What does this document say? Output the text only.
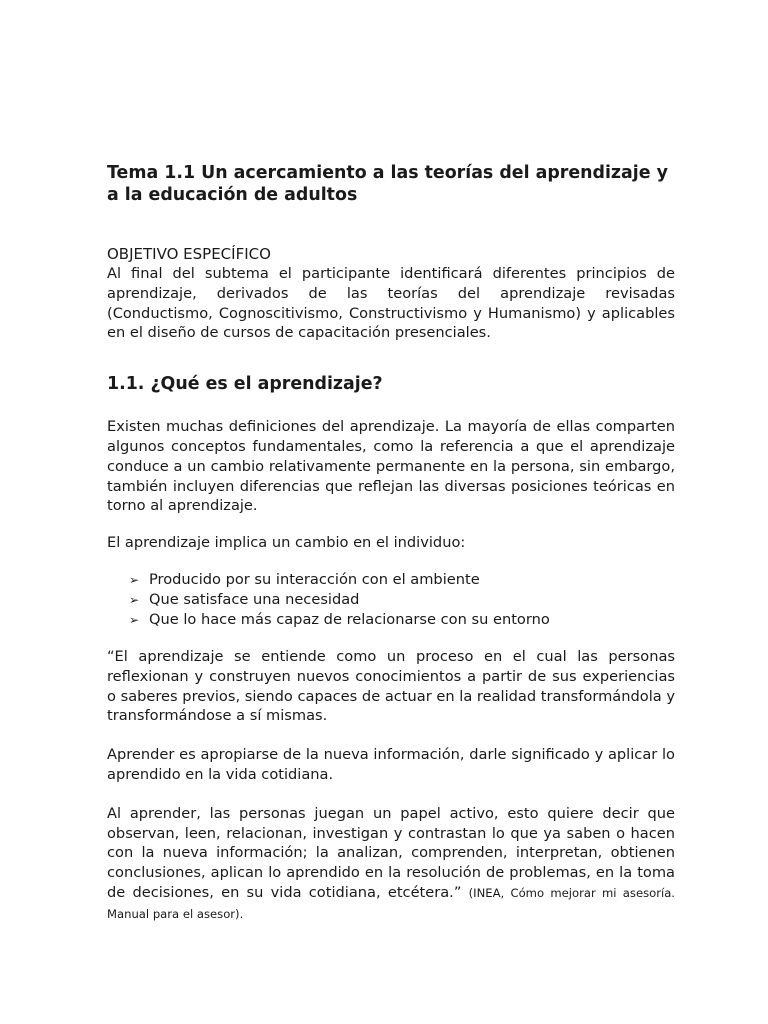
Tema 1.1 Un acercamiento a las teorías del aprendizaje y a la educación de adultos
OBJETIVO ESPECÍFICO

Al final del subtema el participante identificará diferentes principios de aprendizaje, derivados de las teorías del aprendizaje revisadas (Conductismo, Cognoscitivismo, Constructivismo y Humanismo) y aplicables en el diseño de cursos de capacitación presenciales.

1.1. ¿Qué es el aprendizaje?

Existen muchas definiciones del aprendizaje. La mayoría de ellas comparten algunos conceptos fundamentales, como la referencia a que el aprendizaje conduce a un cambio relativamente permanente en la persona, sin embargo, también incluyen diferencias que reflejan las diversas posiciones teóricas en torno al aprendizaje.

El aprendizaje implica un cambio en el individuo:

➢ Producido por su interacción con el ambiente
➢ Que satisface una necesidad
➢ Que lo hace más capaz de relacionarse con su entorno

“El aprendizaje se entiende como un proceso en el cual las personas reflexionan y construyen nuevos conocimientos a partir de sus experiencias o saberes previos, siendo capaces de actuar en la realidad transformándola y transformándose a sí mismas.

Aprender es apropiarse de la nueva información, darle significado y aplicar lo aprendido en la vida cotidiana.

Al aprender, las personas juegan un papel activo, esto quiere decir que observan, leen, relacionan, investigan y contrastan lo que ya saben o hacen con la nueva información; la analizan, comprenden, interpretan, obtienen conclusiones, aplican lo aprendido en la resolución de problemas, en la toma de decisiones, en su vida cotidiana, etcétera.” (INEA, Cómo mejorar mi asesoría. Manual para el asesor).
